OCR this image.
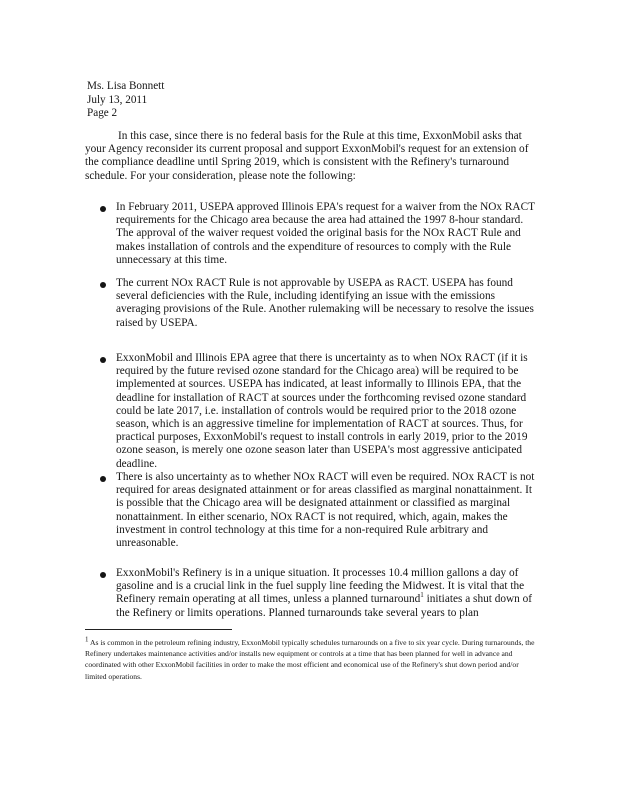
Ms. Lisa Bonnett
July 13, 2011
Page 2
In this case, since there is no federal basis for the Rule at this time, ExxonMobil asks that your Agency reconsider its current proposal and support ExxonMobil's request for an extension of the compliance deadline until Spring 2019, which is consistent with the Refinery's turnaround schedule. For your consideration, please note the following:
In February 2011, USEPA approved Illinois EPA's request for a waiver from the NOx RACT requirements for the Chicago area because the area had attained the 1997 8-hour standard. The approval of the waiver request voided the original basis for the NOx RACT Rule and makes installation of controls and the expenditure of resources to comply with the Rule unnecessary at this time.
The current NOx RACT Rule is not approvable by USEPA as RACT. USEPA has found several deficiencies with the Rule, including identifying an issue with the emissions averaging provisions of the Rule. Another rulemaking will be necessary to resolve the issues raised by USEPA.
ExxonMobil and Illinois EPA agree that there is uncertainty as to when NOx RACT (if it is required by the future revised ozone standard for the Chicago area) will be required to be implemented at sources. USEPA has indicated, at least informally to Illinois EPA, that the deadline for installation of RACT at sources under the forthcoming revised ozone standard could be late 2017, i.e. installation of controls would be required prior to the 2018 ozone season, which is an aggressive timeline for implementation of RACT at sources. Thus, for practical purposes, ExxonMobil's request to install controls in early 2019, prior to the 2019 ozone season, is merely one ozone season later than USEPA's most aggressive anticipated deadline.
There is also uncertainty as to whether NOx RACT will even be required. NOx RACT is not required for areas designated attainment or for areas classified as marginal nonattainment. It is possible that the Chicago area will be designated attainment or classified as marginal nonattainment. In either scenario, NOx RACT is not required, which, again, makes the investment in control technology at this time for a non-required Rule arbitrary and unreasonable.
ExxonMobil's Refinery is in a unique situation. It processes 10.4 million gallons a day of gasoline and is a crucial link in the fuel supply line feeding the Midwest. It is vital that the Refinery remain operating at all times, unless a planned turnaround$^1$ initiates a shut down of the Refinery or limits operations. Planned turnarounds take several years to plan
$^1$ As is common in the petroleum refining industry, ExxonMobil typically schedules turnarounds on a five to six year cycle. During turnarounds, the Refinery undertakes maintenance activities and/or installs new equipment or controls at a time that has been planned for well in advance and coordinated with other ExxonMobil facilities in order to make the most efficient and economical use of the Refinery's shut down period and/or limited operations.
